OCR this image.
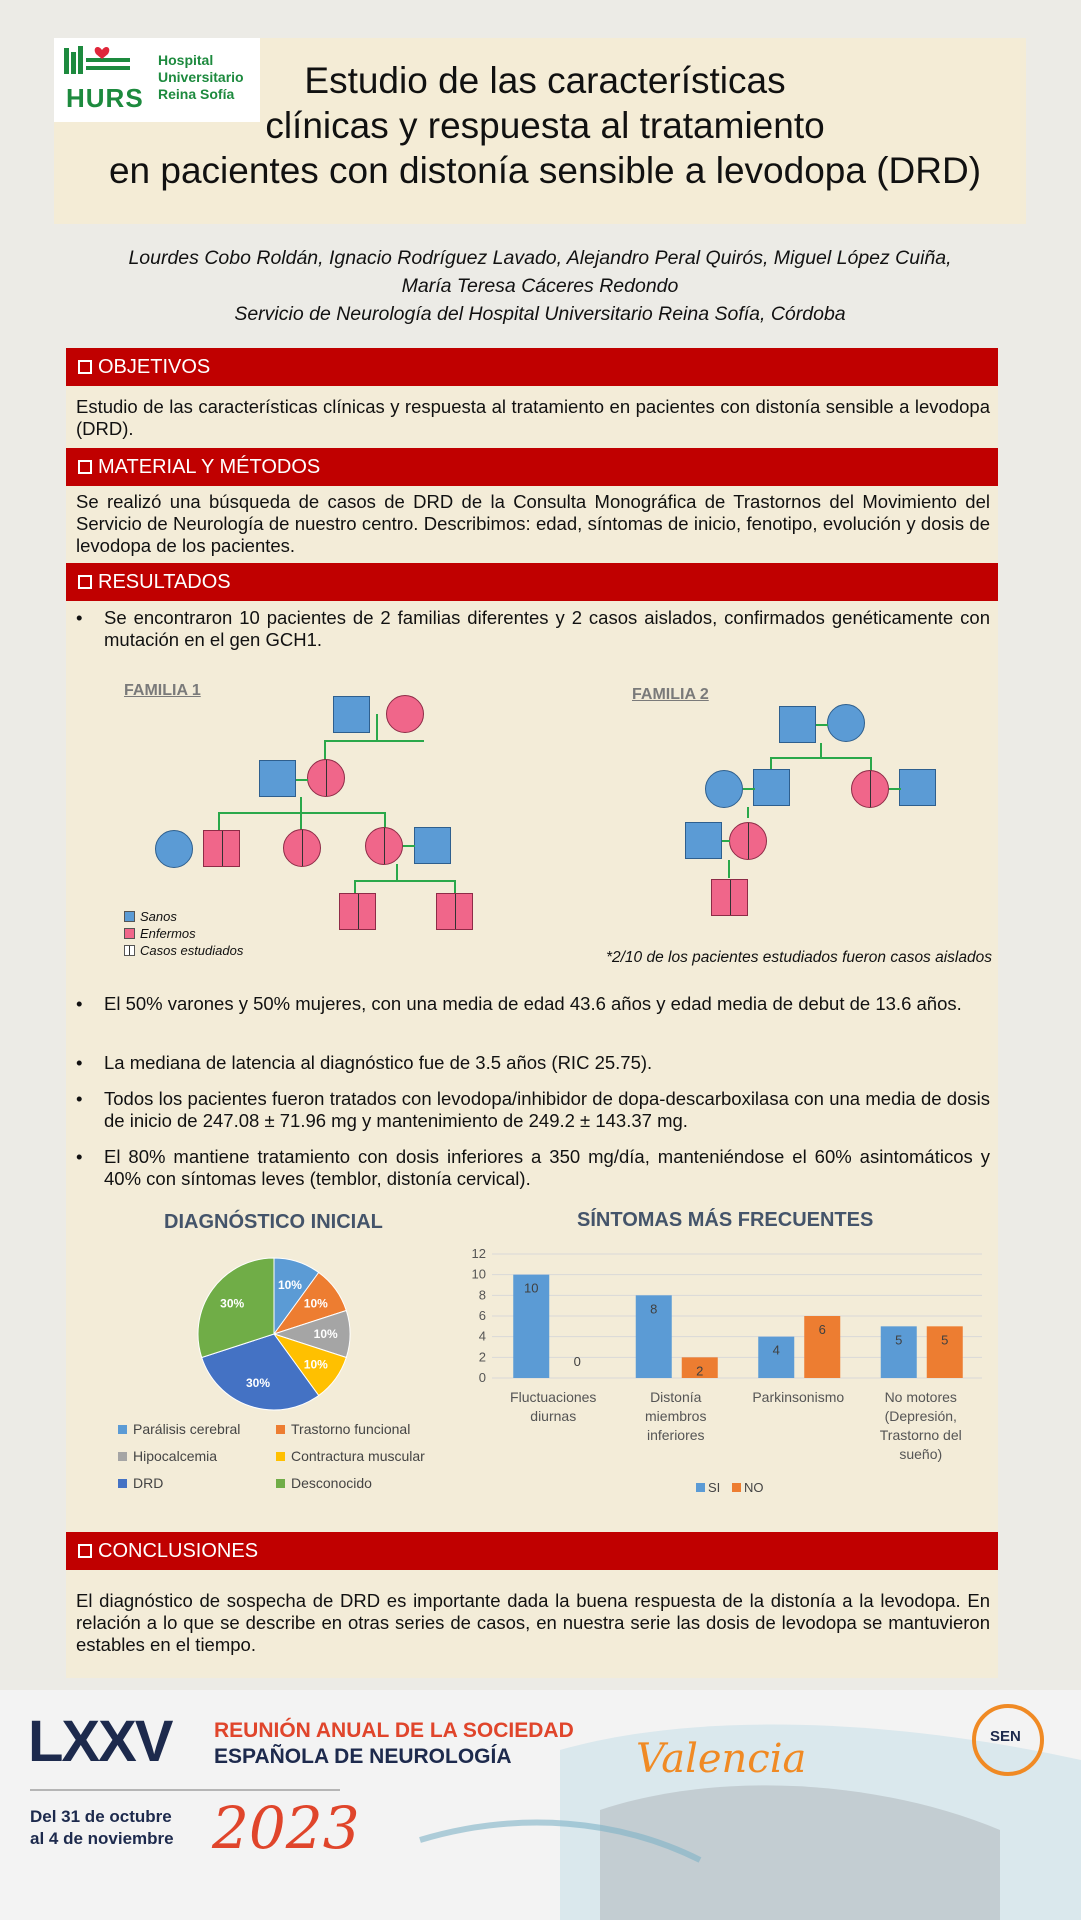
HURS
Hospital
Universitario
Reina Sofía	Estudio de las características
clínicas y respuesta al tratamiento
en pacientes con distonía sensible a levodopa (DRD)
Lourdes Cobo Roldán, Ignacio Rodríguez Lavado, Alejandro Peral Quirós, Miguel López Cuiña,
María Teresa Cáceres Redondo
Servicio de Neurología del Hospital Universitario Reina Sofía, Córdoba
OBJETIVOS
Estudio de las características clínicas y respuesta al tratamiento en pacientes con distonía sensible a levodopa (DRD).
MATERIAL Y MÉTODOS
Se realizó una búsqueda de casos de DRD de la Consulta Monográfica de Trastornos del Movimiento del Servicio de Neurología de nuestro centro. Describimos: edad, síntomas de inicio, fenotipo, evolución y dosis de levodopa de los pacientes.
RESULTADOS
• Se encontraron 10 pacientes de 2 familias diferentes y 2 casos aislados, confirmados genéticamente con mutación en el gen GCH1.
FAMILIA 1
Sanos
Enfermos
Casos estudiados
FAMILIA 2
*2/10 de los pacientes estudiados fueron casos aislados
• El 50% varones y 50% mujeres, con una media de edad 43.6 años y edad media de debut de 13.6 años.
• La mediana de latencia al diagnóstico fue de 3.5 años (RIC 25.75).
• Todos los pacientes fueron tratados con levodopa/inhibidor de dopa-descarboxilasa con una media de dosis de inicio de 247.08 ± 71.96 mg y mantenimiento de 249.2 ± 143.37 mg.
• El 80% mantiene tratamiento con dosis inferiores a 350 mg/día, manteniéndose el 60% asintomáticos y 40% con síntomas leves (temblor, distonía cervical).
DIAGNÓSTICO INICIAL
10%
10%
10%
10%
30%
30%
Parálisis cerebral	Trastorno funcional
Hipocalcemia	Contractura muscular
DRD	Desconocido
SÍNTOMAS MÁS FRECUENTES
0
2
4
6
8
10
12
10
0
Fluctuaciones
diurnas
8
2
Distonía
miembros
inferiores
4
6
Parkinsonismo
5	5
No motores
(Depresión,
Trastorno del
sueño)
SI NO
CONCLUSIONES
El diagnóstico de sospecha de DRD es importante dada la buena respuesta de la distonía a la levodopa. En relación a lo que se describe en otras series de casos, en nuestra serie las dosis de levodopa se mantuvieron estables en el tiempo.
LXXV REUNIÓN ANUAL DE LA SOCIEDAD
ESPAÑOLA DE NEUROLOGÍA
Del 31 de octubre
al 4 de noviembre 2023
Valencia	SEN
